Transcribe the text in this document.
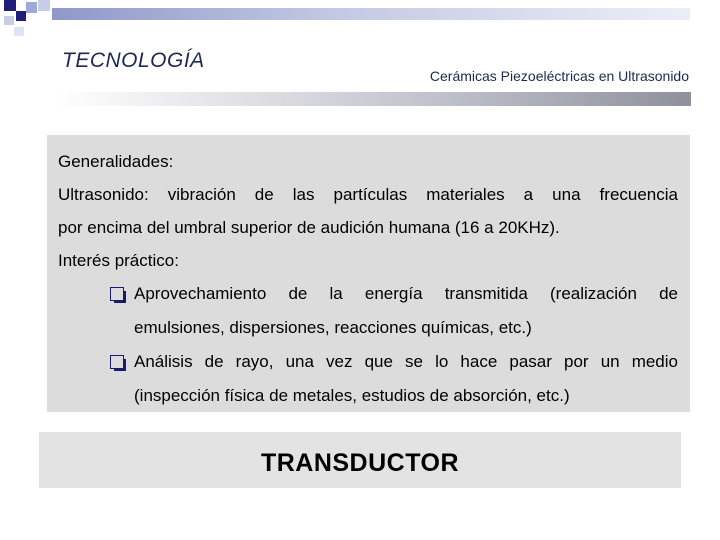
TECNOLOGÍA
Cerámicas Piezoeléctricas en Ultrasonido

Generalidades:

Ultrasonido: vibración de las partículas materiales a una frecuencia

por encima del umbral superior de audición humana (16 a 20KHz).

Interés práctico:

Aprovechamiento de la energía transmitida (realización de

emulsiones, dispersiones, reacciones químicas, etc.)

Análisis de rayo, una vez que se lo hace pasar por un medio

(inspección física de metales, estudios de absorción, etc.)

TRANSDUCTOR
